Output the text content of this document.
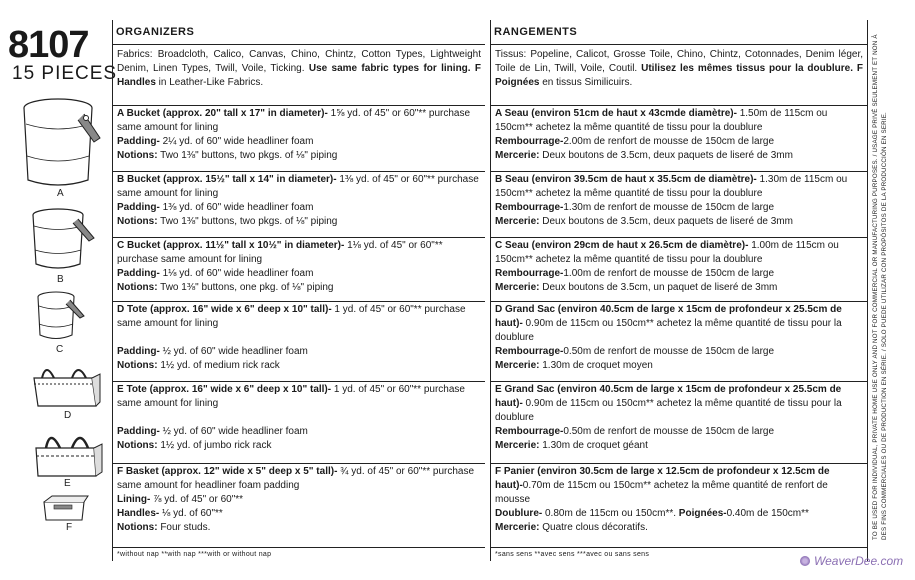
8107
15 PIECES
A
B
C
D
E
F
ORGANIZERS
Fabrics: Broadcloth, Calico, Canvas, Chino, Chintz, Cotton Types, Lightweight Denim, Linen Types, Twill, Voile, Ticking. Use same fabric types for lining. F Handles in Leather-Like Fabrics.
A Bucket (approx. 20" tall x 17" in diameter)- 1⅝ yd. of 45" or 60"** purchase same amount for lining
Padding- 2¼ yd. of 60" wide headliner foam
Notions: Two 1⅜" buttons, two pkgs. of ⅛" piping
B Bucket (approx. 15½" tall x 14" in diameter)- 1⅜ yd. of 45" or 60"** purchase same amount for lining
Padding- 1⅜ yd. of 60" wide headliner foam
Notions: Two 1⅜" buttons, two pkgs. of ⅛" piping
C Bucket (approx. 11½" tall x 10½" in diameter)- 1⅛ yd. of 45" or 60"** purchase same amount for lining
Padding- 1⅛ yd. of 60" wide headliner foam
Notions: Two 1⅜" buttons, one pkg. of ⅛" piping
D Tote (approx. 16" wide x 6" deep x 10" tall)- 1 yd. of 45" or 60"** purchase same amount for lining

Padding- ½ yd. of 60" wide headliner foam
Notions: 1½ yd. of medium rick rack
E Tote (approx. 16" wide x 6" deep x 10" tall)- 1 yd. of 45" or 60"** purchase same amount for lining

Padding- ½ yd. of 60" wide headliner foam
Notions: 1½ yd. of jumbo rick rack
F Basket (approx. 12" wide x 5" deep x 5" tall)- ¾ yd. of 45" or 60"** purchase same amount for headliner foam padding
Lining- ⅞ yd. of 45" or 60"**
Handles- ⅛ yd. of 60"**
Notions: Four studs.
*without nap **with nap ***with or without nap
RANGEMENTS
Tissus: Popeline, Calicot, Grosse Toile, Chino, Chintz, Cotonnades, Denim léger, Toile de Lin, Twill, Voile, Coutil. Utilisez les mêmes tissus pour la doublure. F Poignées en tissus Similicuirs.
A Seau (environ 51cm de haut x 43cmde diamètre)- 1.50m de 115cm ou 150cm** achetez la même quantité de tissu pour la doublure
Rembourrage-2.00m de renfort de mousse de 150cm de large
Mercerie: Deux boutons de 3.5cm, deux paquets de liseré de 3mm
B Seau (environ 39.5cm de haut x 35.5cm de diamètre)- 1.30m de 115cm ou 150cm** achetez la même quantité de tissu pour la doublure
Rembourrage-1.30m de renfort de mousse de 150cm de large
Mercerie: Deux boutons de 3.5cm, deux paquets de liseré de 3mm
C Seau (environ 29cm de haut x 26.5cm de diamètre)- 1.00m de 115cm ou 150cm** achetez la même quantité de tissu pour la doublure
Rembourrage-1.00m de renfort de mousse de 150cm de large
Mercerie: Deux boutons de 3.5cm, un paquet de liseré de 3mm
D Grand Sac (environ 40.5cm de large x 15cm de profondeur x 25.5cm de haut)- 0.90m de 115cm ou 150cm** achetez la même quantité de tissu pour la doublure
Rembourrage-0.50m de renfort de mousse de 150cm de large
Mercerie: 1.30m de croquet moyen
E Grand Sac (environ 40.5cm de large x 15cm de profondeur x 25.5cm de haut)- 0.90m de 115cm ou 150cm** achetez la même quantité de tissu pour la doublure
Rembourrage-0.50m de renfort de mousse de 150cm de large
Mercerie: 1.30m de croquet géant
F Panier (environ 30.5cm de large x 12.5cm de profondeur x 12.5cm de haut)-0.70m de 115cm ou 150cm** achetez la même quantité de renfort de mousse
Doublure- 0.80m de 115cm ou 150cm**. Poignées-0.40m de 150cm**
Mercerie: Quatre clous décoratifs.
*sans sens **avec sens ***avec ou sans sens
TO BE USED FOR INDIVIDUAL, PRIVATE HOME USE ONLY AND NOT FOR COMMERCIAL OR MANUFACTURING PURPOSES. / USAGE PRIVÉ SEULEMENT ET NON À DES FINS COMMERCIALES OU DE PRODUCTION EN SÉRIE. / SOLO PUEDE UTILIZAR CON PROPÓSITOS DE LA PRODUCCIÓN EN SERIE.
WeaverDee.com
